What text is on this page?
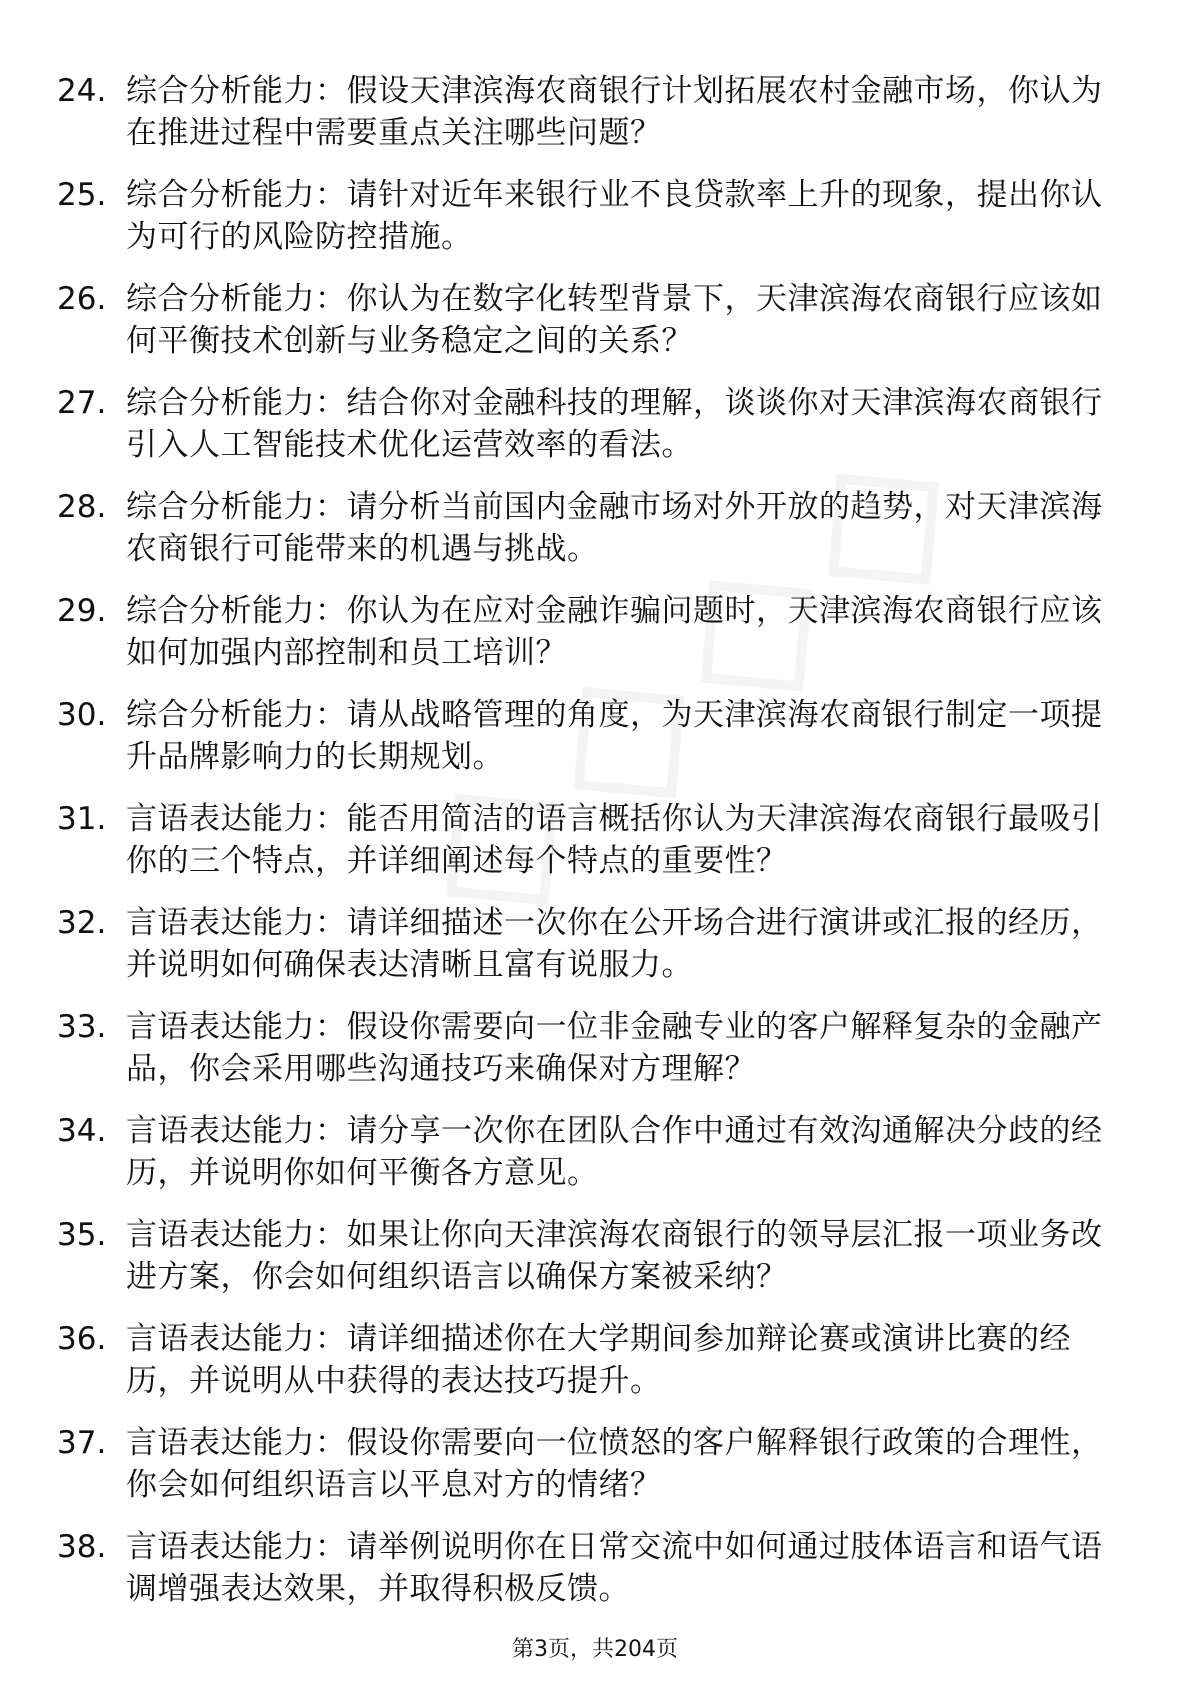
24. 综合分析能力：假设天津滨海农商银行计划拓展农村金融市场，你认为在推进过程中需要重点关注哪些问题？
25. 综合分析能力：请针对近年来银行业不良贷款率上升的现象，提出你认为可行的风险防控措施。
26. 综合分析能力：你认为在数字化转型背景下，天津滨海农商银行应该如何平衡技术创新与业务稳定之间的关系？
27. 综合分析能力：结合你对金融科技的理解，谈谈你对天津滨海农商银行引入人工智能技术优化运营效率的看法。
28. 综合分析能力：请分析当前国内金融市场对外开放的趋势，对天津滨海农商银行可能带来的机遇与挑战。
29. 综合分析能力：你认为在应对金融诈骗问题时，天津滨海农商银行应该如何加强内部控制和员工培训？
30. 综合分析能力：请从战略管理的角度，为天津滨海农商银行制定一项提升品牌影响力的长期规划。
31. 言语表达能力：能否用简洁的语言概括你认为天津滨海农商银行最吸引你的三个特点，并详细阐述每个特点的重要性？
32. 言语表达能力：请详细描述一次你在公开场合进行演讲或汇报的经历，并说明如何确保表达清晰且富有说服力。
33. 言语表达能力：假设你需要向一位非金融专业的客户解释复杂的金融产品，你会采用哪些沟通技巧来确保对方理解？
34. 言语表达能力：请分享一次你在团队合作中通过有效沟通解决分歧的经历，并说明你如何平衡各方意见。
35. 言语表达能力：如果让你向天津滨海农商银行的领导层汇报一项业务改进方案，你会如何组织语言以确保方案被采纳？
36. 言语表达能力：请详细描述你在大学期间参加辩论赛或演讲比赛的经历，并说明从中获得的表达技巧提升。
37. 言语表达能力：假设你需要向一位愤怒的客户解释银行政策的合理性，你会如何组织语言以平息对方的情绪？
38. 言语表达能力：请举例说明你在日常交流中如何通过肢体语言和语气语调增强表达效果，并取得积极反馈。
第3页，共204页
